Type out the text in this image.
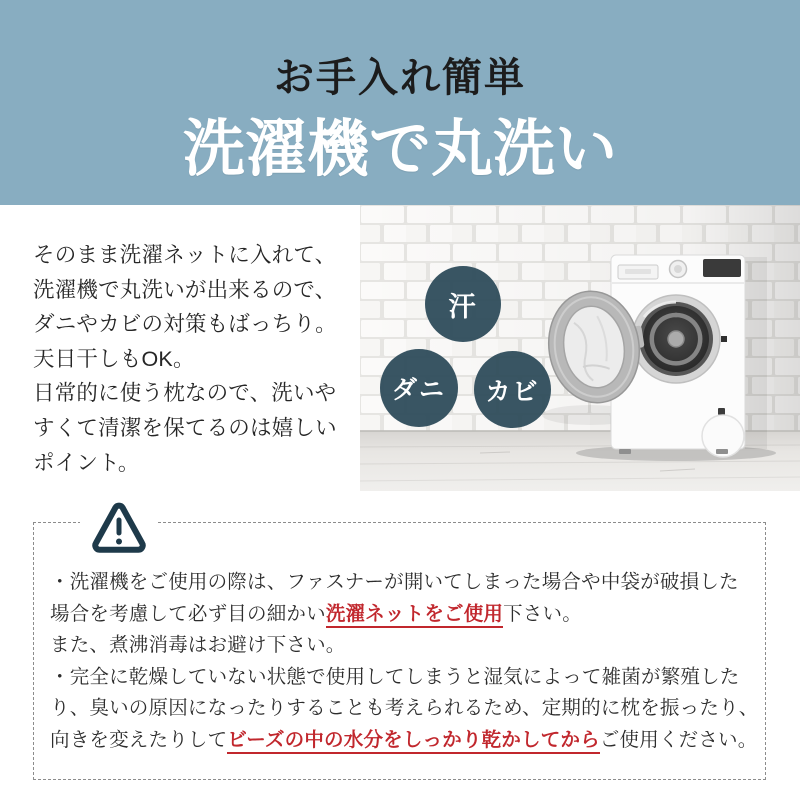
お手入れ簡単
洗濯機で丸洗い
そのまま洗濯ネットに入れて、
洗濯機で丸洗いが出来るので、
ダニやカビの対策もばっちり。
天日干しもOK。
日常的に使う枕なので、洗いや
すくて清潔を保てるのは嬉しい
ポイント。
汗
ダニ カビ
・洗濯機をご使用の際は、ファスナーが開いてしまった場合や中袋が破損した
場合を考慮して必ず目の細かい洗濯ネットをご使用下さい。
また、煮沸消毒はお避け下さい。
・完全に乾燥していない状態で使用してしまうと湿気によって雑菌が繁殖した
り、臭いの原因になったりすることも考えられるため、定期的に枕を振ったり、
向きを変えたりしてビーズの中の水分をしっかり乾かしてからご使用ください。
